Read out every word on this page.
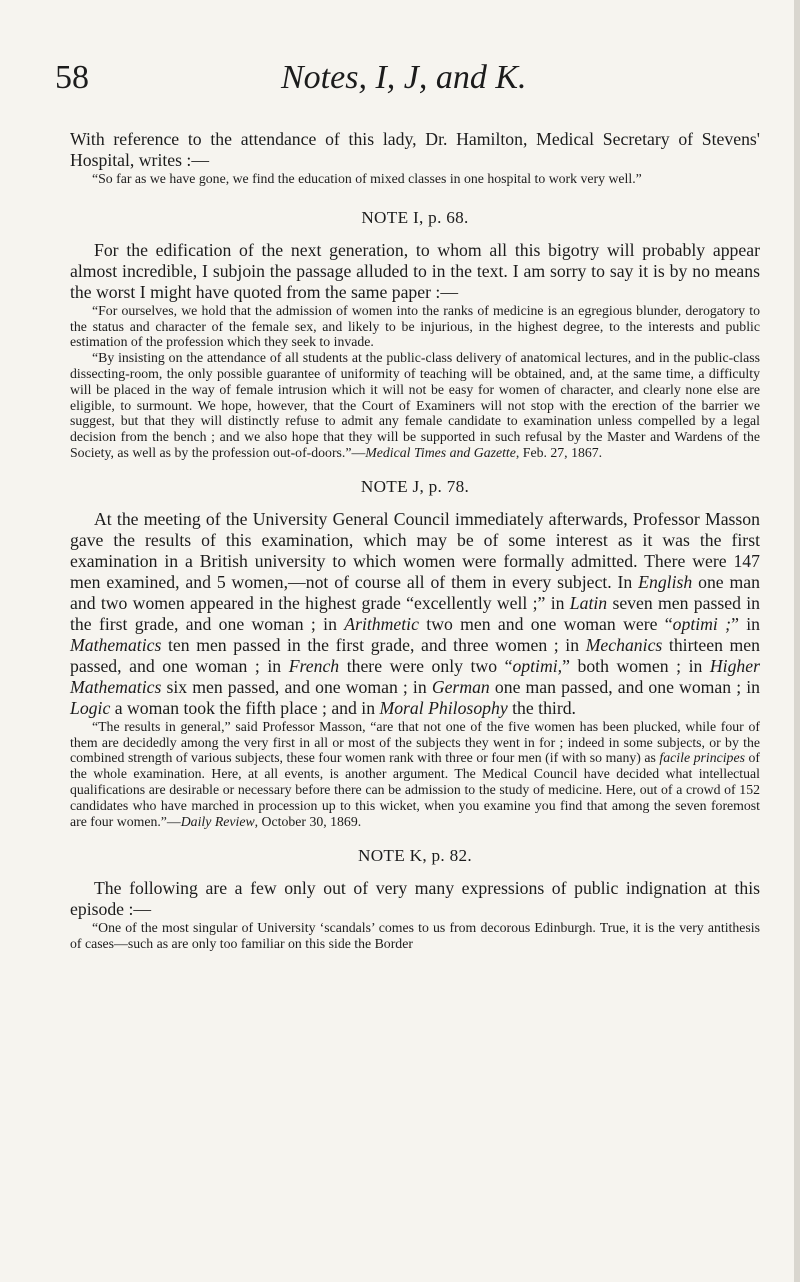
58	Notes, I, J, and K.

With reference to the attendance of this lady, Dr. Hamilton, Medical Secretary of Stevens' Hospital, writes :—

“So far as we have gone, we find the education of mixed classes in one hospital to work very well.”

NOTE I, p. 68.

For the edification of the next generation, to whom all this bigotry will probably appear almost incredible, I subjoin the passage alluded to in the text. I am sorry to say it is by no means the worst I might have quoted from the same paper :—

“For ourselves, we hold that the admission of women into the ranks of medicine is an egregious blunder, derogatory to the status and character of the female sex, and likely to be injurious, in the highest degree, to the interests and public estimation of the profession which they seek to invade.

“By insisting on the attendance of all students at the public-class delivery of anatomical lectures, and in the public-class dissecting-room, the only possible guarantee of uniformity of teaching will be obtained, and, at the same time, a difficulty will be placed in the way of female intrusion which it will not be easy for women of character, and clearly none else are eligible, to surmount. We hope, however, that the Court of Examiners will not stop with the erection of the barrier we suggest, but that they will distinctly refuse to admit any female candidate to examination unless compelled by a legal decision from the bench ; and we also hope that they will be supported in such refusal by the Master and Wardens of the Society, as well as by the profession out-of-doors.”—Medical Times and Gazette, Feb. 27, 1867.

NOTE J, p. 78.

At the meeting of the University General Council immediately afterwards, Professor Masson gave the results of this examination, which may be of some interest as it was the first examination in a British university to which women were formally admitted. There were 147 men examined, and 5 women,—not of course all of them in every subject. In English one man and two women appeared in the highest grade “excellently well ;” in Latin seven men passed in the first grade, and one woman ; in Arithmetic two men and one woman were “optimi ;” in Mathematics ten men passed in the first grade, and three women ; in Mechanics thirteen men passed, and one woman ; in French there were only two “optimi,” both women ; in Higher Mathematics six men passed, and one woman ; in German one man passed, and one woman ; in Logic a woman took the fifth place ; and in Moral Philosophy the third.

“The results in general,” said Professor Masson, “are that not one of the five women has been plucked, while four of them are decidedly among the very first in all or most of the subjects they went in for ; indeed in some subjects, or by the combined strength of various subjects, these four women rank with three or four men (if with so many) as facile principes of the whole examination. Here, at all events, is another argument. The Medical Council have decided what intellectual qualifications are desirable or necessary before there can be admission to the study of medicine. Here, out of a crowd of 152 candidates who have marched in procession up to this wicket, when you examine you find that among the seven foremost are four women.”—Daily Review, October 30, 1869.

NOTE K, p. 82.

The following are a few only out of very many expressions of public indignation at this episode :—

“One of the most singular of University ‘scandals’ comes to us from decorous Edinburgh. True, it is the very antithesis of cases—such as are only too familiar on this side the Border
